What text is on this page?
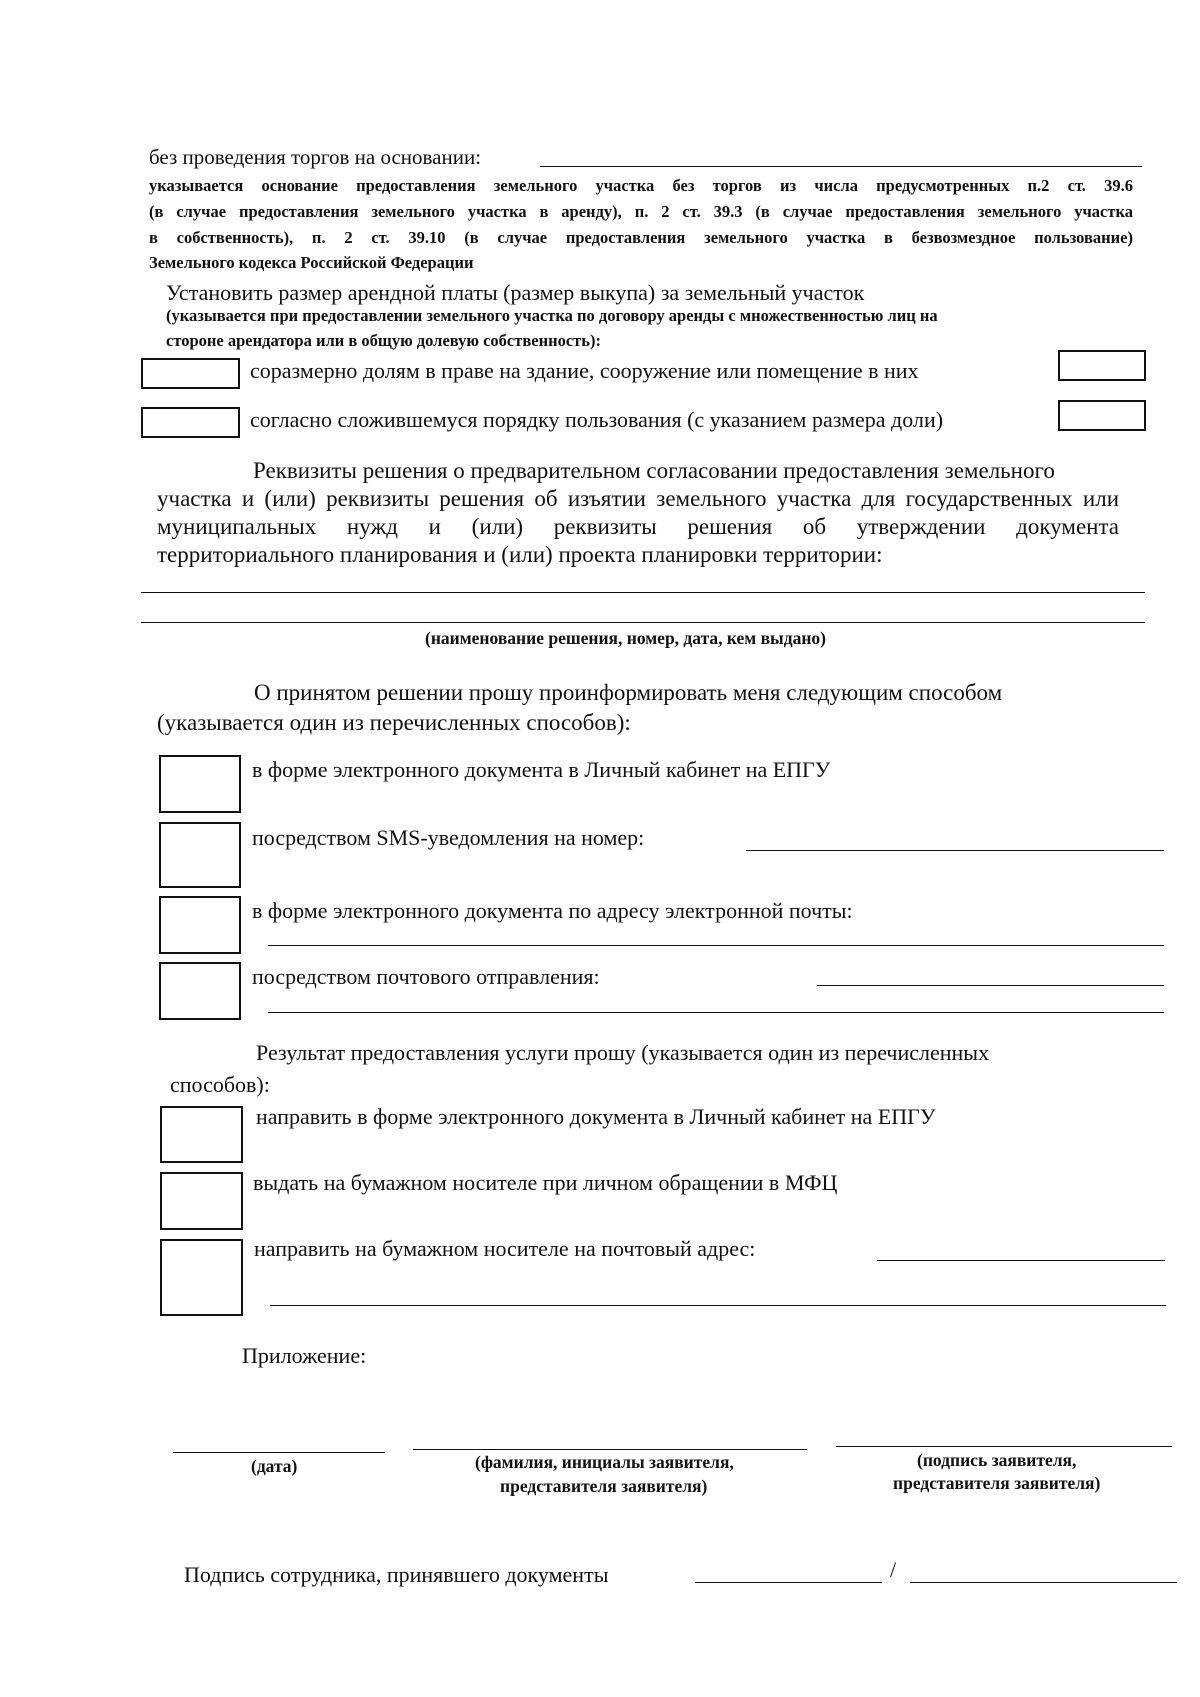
без проведения торгов на основании:
указывается основание предоставления земельного участка без торгов из числа предусмотренных п.2 ст. 39.6
(в случае предоставления земельного участка в аренду), п. 2 ст. 39.3 (в случае предоставления земельного участка
в собственность), п. 2 ст. 39.10 (в случае предоставления земельного участка в безвозмездное пользование)
Земельного кодекса Российской Федерации
Установить размер арендной платы (размер выкупа) за земельный участок
(указывается при предоставлении земельного участка по договору аренды с множественностью лиц на
стороне арендатора или в общую долевую собственность):
соразмерно долям в праве на здание, сооружение или помещение в них
согласно сложившемуся порядку пользования (с указанием размера доли)
Реквизиты решения о предварительном согласовании предоставления земельного
участка и (или) реквизиты решения об изъятии земельного участка для государственных или
муниципальных нужд и (или) реквизиты решения об утверждении документа
территориального планирования и (или) проекта планировки территории:
(наименование решения, номер, дата, кем выдано)
О принятом решении прошу проинформировать меня следующим способом
(указывается один из перечисленных способов):
в форме электронного документа в Личный кабинет на ЕПГУ
посредством SMS-уведомления на номер:
в форме электронного документа по адресу электронной почты:
посредством почтового отправления:
Результат предоставления услуги прошу (указывается один из перечисленных
способов):
направить в форме электронного документа в Личный кабинет на ЕПГУ
выдать на бумажном носителе при личном обращении в МФЦ
направить на бумажном носителе на почтовый адрес:
Приложение:
(дата)	(фамилия, инициалы заявителя,
представителя заявителя)
(подпись заявителя,
представителя заявителя)
Подпись сотрудника, принявшего документы	/
